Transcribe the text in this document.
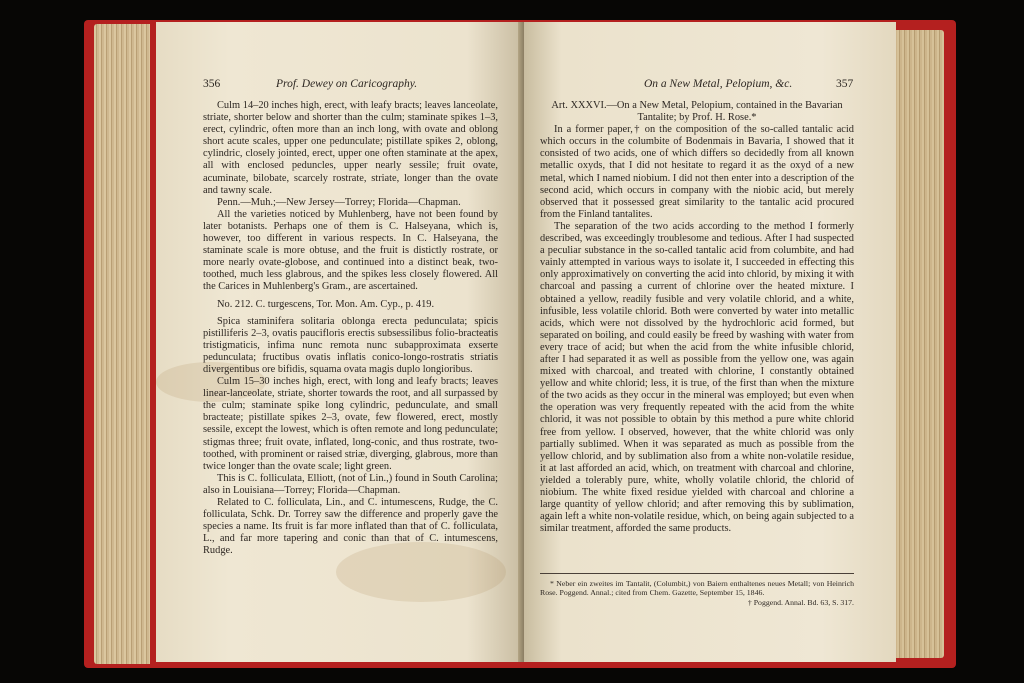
356	Prof. Dewey on Caricography.

Culm 14–20 inches high, erect, with leafy bracts; leaves lanceolate, striate, shorter below and shorter than the culm; staminate spikes 1–3, erect, cylindric, often more than an inch long, with ovate and oblong short acute scales, upper one pedunculate; pistillate spikes 2, oblong, cylindric, closely jointed, erect, upper one often staminate at the apex, all with enclosed peduncles, upper nearly sessile; fruit ovate, acuminate, bilobate, scarcely rostrate, striate, longer than the ovate and tawny scale.

Penn.—Muh.;—New Jersey—Torrey; Florida—Chapman.

All the varieties noticed by Muhlenberg, have not been found by later botanists. Perhaps one of them is C. Halseyana, which is, however, too different in various respects. In C. Halseyana, the staminate scale is more obtuse, and the fruit is distictly rostrate, or more nearly ovate-globose, and continued into a distinct beak, two-toothed, much less glabrous, and the spikes less closely flowered. All the Carices in Muhlenberg's Gram., are ascertained.

No. 212. C. turgescens, Tor. Mon. Am. Cyp., p. 419.

Spica staminifera solitaria oblonga erecta pedunculata; spicis pistilliferis 2–3, ovatis paucifloris erectis subsessilibus folio-bracteatis tristigmaticis, infima nunc remota nunc subapproximata exserte pedunculata; fructibus ovatis inflatis conico-longo-rostratis striatis divergentibus ore bifidis, squama ovata magis duplo longioribus.

Culm 15–30 inches high, erect, with long and leafy bracts; leaves linear-lanceolate, striate, shorter towards the root, and all surpassed by the culm; staminate spike long cylindric, pedunculate, and small bracteate; pistillate spikes 2–3, ovate, few flowered, erect, mostly sessile, except the lowest, which is often remote and long pedunculate; stigmas three; fruit ovate, inflated, long-conic, and thus rostrate, two-toothed, with prominent or raised striæ, diverging, glabrous, more than twice longer than the ovate scale; light green.

This is C. folliculata, Elliott, (not of Lin.,) found in South Carolina; also in Louisiana—Torrey; Florida—Chapman.

Related to C. folliculata, Lin., and C. intumescens, Rudge, the C. folliculata, Schk. Dr. Torrey saw the difference and properly gave the species a name. Its fruit is far more inflated than that of C. folliculata, L., and far more tapering and conic than that of C. intumescens, Rudge.

On a New Metal, Pelopium, &c.	357

Art. XXXVI.—On a New Metal, Pelopium, contained in the Bavarian Tantalite; by Prof. H. Rose.*

In a former paper,† on the composition of the so-called tantalic acid which occurs in the columbite of Bodenmais in Bavaria, I showed that it consisted of two acids, one of which differs so decidedly from all known metallic oxyds, that I did not hesitate to regard it as the oxyd of a new metal, which I named niobium. I did not then enter into a description of the second acid, which occurs in company with the niobic acid, but merely observed that it possessed great similarity to the tantalic acid procured from the Finland tantalites.

The separation of the two acids according to the method I formerly described, was exceedingly troublesome and tedious. After I had suspected a peculiar substance in the so-called tantalic acid from columbite, and had vainly attempted in various ways to isolate it, I succeeded in effecting this only approximatively on converting the acid into chlorid, by mixing it with charcoal and passing a current of chlorine over the heated mixture. I obtained a yellow, readily fusible and very volatile chlorid, and a white, infusible, less volatile chlorid. Both were converted by water into metallic acids, which were not dissolved by the hydrochloric acid formed, but separated on boiling, and could easily be freed by washing with water from every trace of acid; but when the acid from the white infusible chlorid, after I had separated it as well as possible from the yellow one, was again mixed with charcoal, and treated with chlorine, I constantly obtained yellow and white chlorid; less, it is true, of the first than when the mixture of the two acids as they occur in the mineral was employed; but even when the operation was very frequently repeated with the acid from the white chlorid, it was not possible to obtain by this method a pure white chlorid free from yellow. I observed, however, that the white chlorid was only partially sublimed. When it was separated as much as possible from the yellow chlorid, and by sublimation also from a white non-volatile residue, it at last afforded an acid, which, on treatment with charcoal and chlorine, yielded a tolerably pure, white, wholly volatile chlorid, the chlorid of niobium. The white fixed residue yielded with charcoal and chlorine a large quantity of yellow chlorid; and after removing this by sublimation, again left a white non-volatile residue, which, on being again subjected to a similar treatment, afforded the same products.

* Neber ein zweites im Tantalit, (Columbit,) von Baiern enthaltenes neues Metall; von Heinrich Rose. Poggend. Annal.; cited from Chem. Gazette, September 15, 1846.

† Poggend. Annal. Bd. 63, S. 317.
